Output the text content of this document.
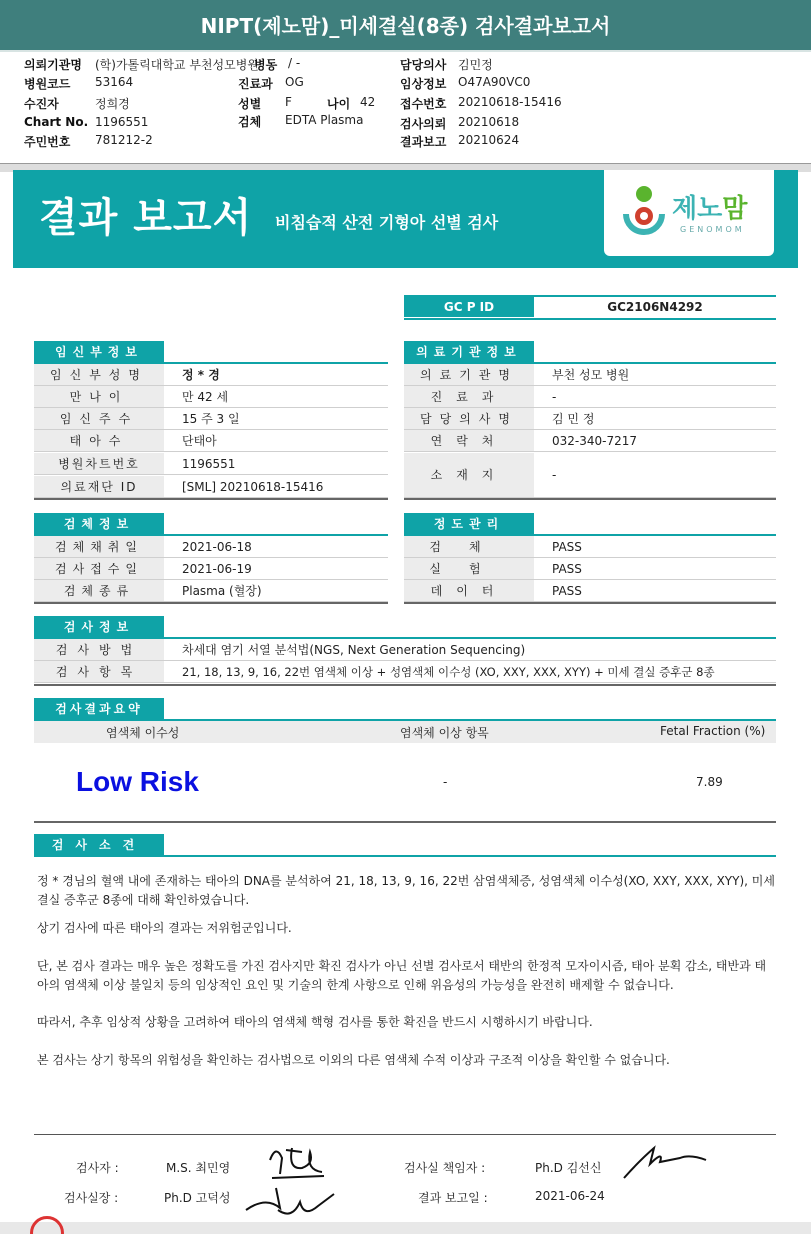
NIPT(제노맘)_미세결실(8종) 검사결과보고서
의뢰기관명 (학)가톨릭대학교 부천성모병원
병원코드 53164
수진자	정희경
Chart No. 1196551
주민번호 781212-2
병동 / -
진료과 OG
성별 F	나이 42
검체 EDTA Plasma
담당의사 김민정
임상정보 O47A90VC0
접수번호 20210618-15416
검사의뢰 20210618
결과보고 20210624
결과 보고서 비침습적 산전 기형아 선별 검사	제노맘
GENOMOM
GC P ID	GC2106N4292
임신부정보
임신부성명	정 * 경
만나이	만 42 세
임신주수	15 주 3 일
태아수	단태아
병원차트번호	1196551
의료재단 ID	[SML] 20210618-15416
의료기관정보
의료기관명	부천 성모 병원
진료과	-
담당의사명	김 민 정
연락처	032-340-7217
소재지	-
검체정보
검체채취일	2021-06-18
검사접수일	2021-06-19
검체종류	Plasma (혈장)
정도관리
검체	PASS
실험	PASS
데이터	PASS
검사정보
검사방법	차세대 염기 서열 분석법(NGS, Next Generation Sequencing)
검사항목	21, 18, 13, 9, 16, 22번 염색체 이상 + 성염색체 이수성 (XO, XXY, XXX, XYY) + 미세 결실 증후군 8종
검사결과요약
염색체 이수성	염색체 이상 항목	Fetal Fraction (%)
Low Risk	-	7.89
검사소견
정 * 경님의 혈액 내에 존재하는 태아의 DNA를 분석하여 21, 18, 13, 9, 16, 22번 삼염색체증, 성염색체 이수성(XO, XXY, XXX, XYY), 미세 결실 증후군 8종에 대해 확인하였습니다.
상기 검사에 따른 태아의 결과는 저위험군입니다.
단, 본 검사 결과는 매우 높은 정확도를 가진 검사지만 확진 검사가 아닌 선별 검사로서 태반의 한정적 모자이시즘, 태아 분획 감소, 태반과 태아의 염색체 이상 불일치 등의 임상적인 요인 및 기술의 한계 사항으로 인해 위음성의 가능성을 완전히 배제할 수 없습니다.
따라서, 추후 임상적 상황을 고려하여 태아의 염색체 핵형 검사를 통한 확진을 반드시 시행하시기 바랍니다.
본 검사는 상기 항목의 위험성을 확인하는 검사법으로 이외의 다른 염색체 수적 이상과 구조적 이상을 확인할 수 없습니다.
검사자 :	M.S. 최민영	검사실 책임자 :	Ph.D 김선신
검사실장 :	Ph.D 고덕성	결과 보고일 :	2021-06-24
